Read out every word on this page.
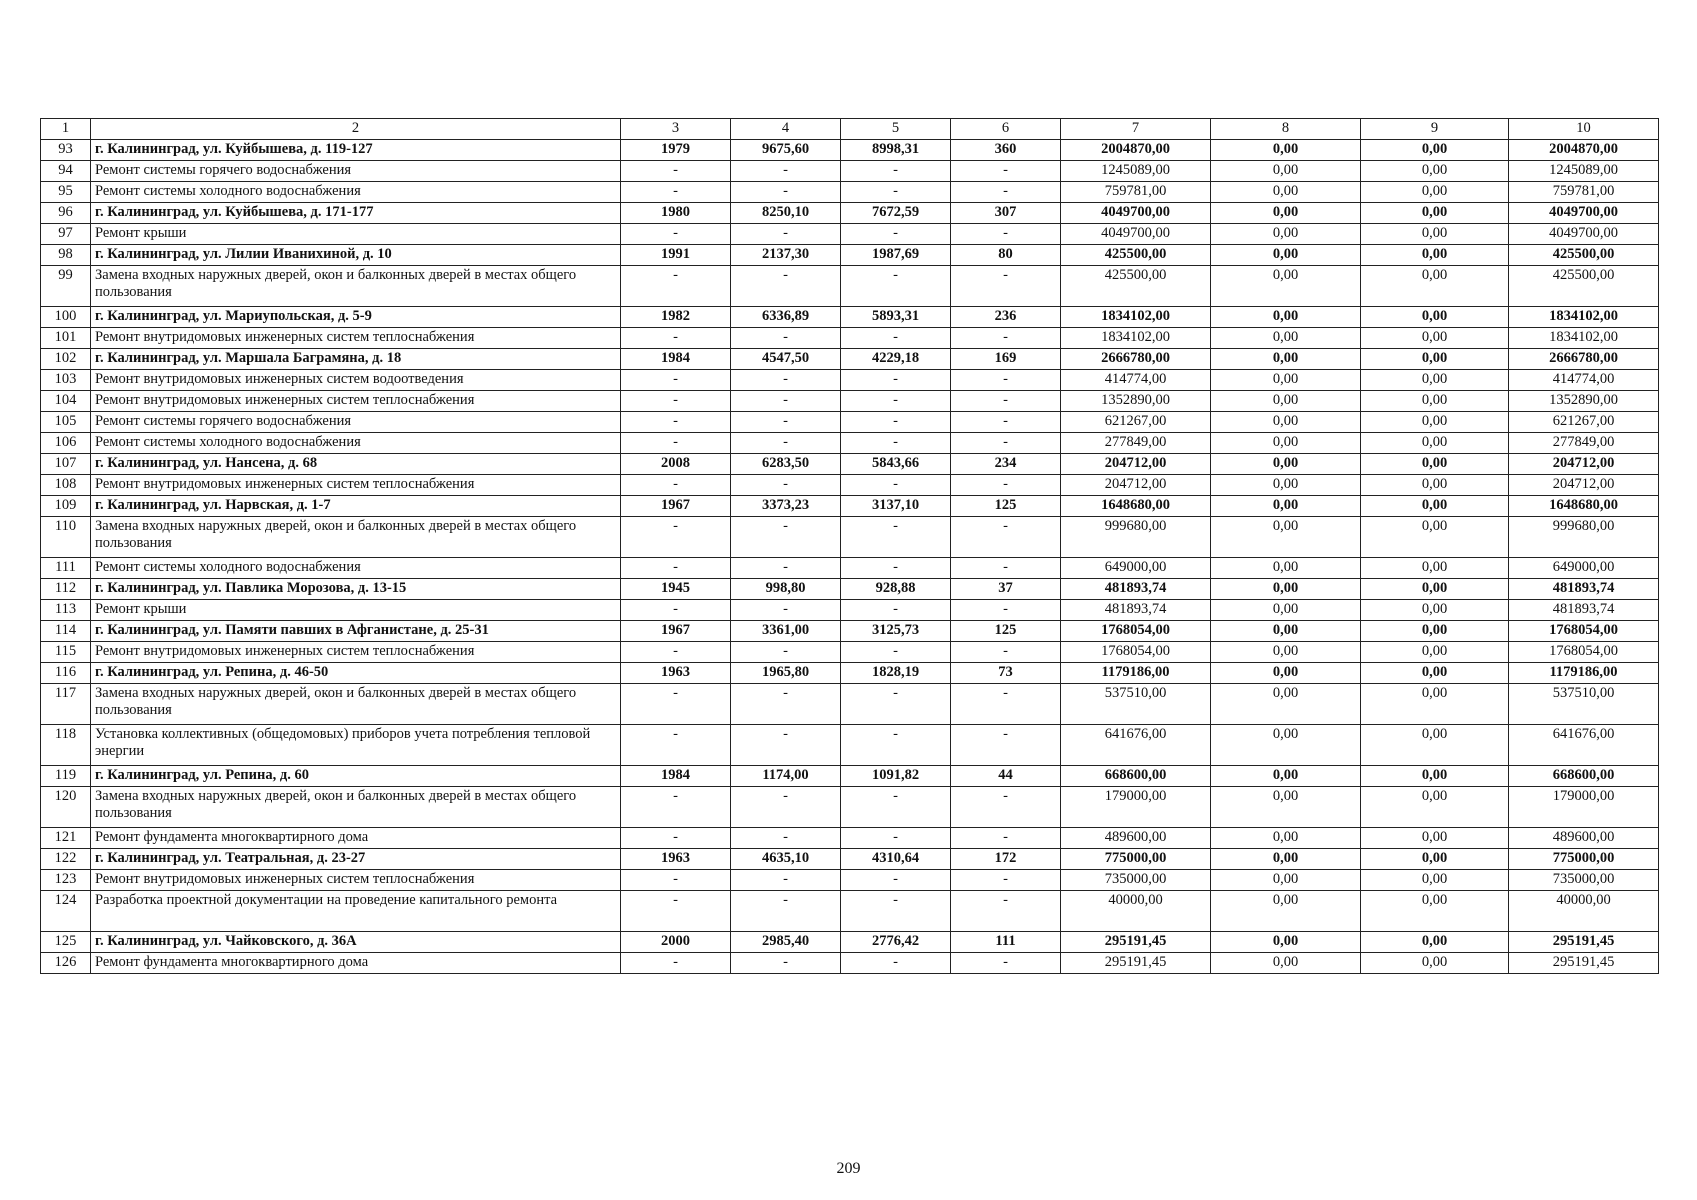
1	2	3	4	5	6	7	8	9	10
93	г. Калининград, ул. Куйбышева, д. 119-127	1979	9675,60	8998,31	360	2004870,00	0,00	0,00	2004870,00
94	Ремонт системы горячего водоснабжения	-	-	-	-	1245089,00	0,00	0,00	1245089,00
95	Ремонт системы холодного водоснабжения	-	-	-	-	759781,00	0,00	0,00	759781,00
96	г. Калининград, ул. Куйбышева, д. 171-177	1980	8250,10	7672,59	307	4049700,00	0,00	0,00	4049700,00
97	Ремонт крыши	-	-	-	-	4049700,00	0,00	0,00	4049700,00
98	г. Калининград, ул. Лилии Иванихиной, д. 10	1991	2137,30	1987,69	80	425500,00	0,00	0,00	425500,00
99	Замена входных наружных дверей, окон и балконных дверей в местах общего пользования	-	-	-	-	425500,00	0,00	0,00	425500,00
100	г. Калининград, ул. Мариупольская, д. 5-9	1982	6336,89	5893,31	236	1834102,00	0,00	0,00	1834102,00
101	Ремонт внутридомовых инженерных систем теплоснабжения	-	-	-	-	1834102,00	0,00	0,00	1834102,00
102	г. Калининград, ул. Маршала Баграмяна, д. 18	1984	4547,50	4229,18	169	2666780,00	0,00	0,00	2666780,00
103	Ремонт внутридомовых инженерных систем водоотведения	-	-	-	-	414774,00	0,00	0,00	414774,00
104	Ремонт внутридомовых инженерных систем теплоснабжения	-	-	-	-	1352890,00	0,00	0,00	1352890,00
105	Ремонт системы горячего водоснабжения	-	-	-	-	621267,00	0,00	0,00	621267,00
106	Ремонт системы холодного водоснабжения	-	-	-	-	277849,00	0,00	0,00	277849,00
107	г. Калининград, ул. Нансена, д. 68	2008	6283,50	5843,66	234	204712,00	0,00	0,00	204712,00
108	Ремонт внутридомовых инженерных систем теплоснабжения	-	-	-	-	204712,00	0,00	0,00	204712,00
109	г. Калининград, ул. Нарвская, д. 1-7	1967	3373,23	3137,10	125	1648680,00	0,00	0,00	1648680,00
110	Замена входных наружных дверей, окон и балконных дверей в местах общего пользования	-	-	-	-	999680,00	0,00	0,00	999680,00
111	Ремонт системы холодного водоснабжения	-	-	-	-	649000,00	0,00	0,00	649000,00
112	г. Калининград, ул. Павлика Морозова, д. 13-15	1945	998,80	928,88	37	481893,74	0,00	0,00	481893,74
113	Ремонт крыши	-	-	-	-	481893,74	0,00	0,00	481893,74
114	г. Калининград, ул. Памяти павших в Афганистане, д. 25-31	1967	3361,00	3125,73	125	1768054,00	0,00	0,00	1768054,00
115	Ремонт внутридомовых инженерных систем теплоснабжения	-	-	-	-	1768054,00	0,00	0,00	1768054,00
116	г. Калининград, ул. Репина, д. 46-50	1963	1965,80	1828,19	73	1179186,00	0,00	0,00	1179186,00
117	Замена входных наружных дверей, окон и балконных дверей в местах общего пользования	-	-	-	-	537510,00	0,00	0,00	537510,00
118	Установка коллективных (общедомовых) приборов учета потребления тепловой энергии	-	-	-	-	641676,00	0,00	0,00	641676,00
119	г. Калининград, ул. Репина, д. 60	1984	1174,00	1091,82	44	668600,00	0,00	0,00	668600,00
120	Замена входных наружных дверей, окон и балконных дверей в местах общего пользования	-	-	-	-	179000,00	0,00	0,00	179000,00
121	Ремонт фундамента многоквартирного дома	-	-	-	-	489600,00	0,00	0,00	489600,00
122	г. Калининград, ул. Театральная, д. 23-27	1963	4635,10	4310,64	172	775000,00	0,00	0,00	775000,00
123	Ремонт внутридомовых инженерных систем теплоснабжения	-	-	-	-	735000,00	0,00	0,00	735000,00
124	Разработка проектной документации на проведение капитального ремонта	-	-	-	-	40000,00	0,00	0,00	40000,00
125	г. Калининград, ул. Чайковского, д. 36А	2000	2985,40	2776,42	111	295191,45	0,00	0,00	295191,45
126	Ремонт фундамента многоквартирного дома	-	-	-	-	295191,45	0,00	0,00	295191,45
209
